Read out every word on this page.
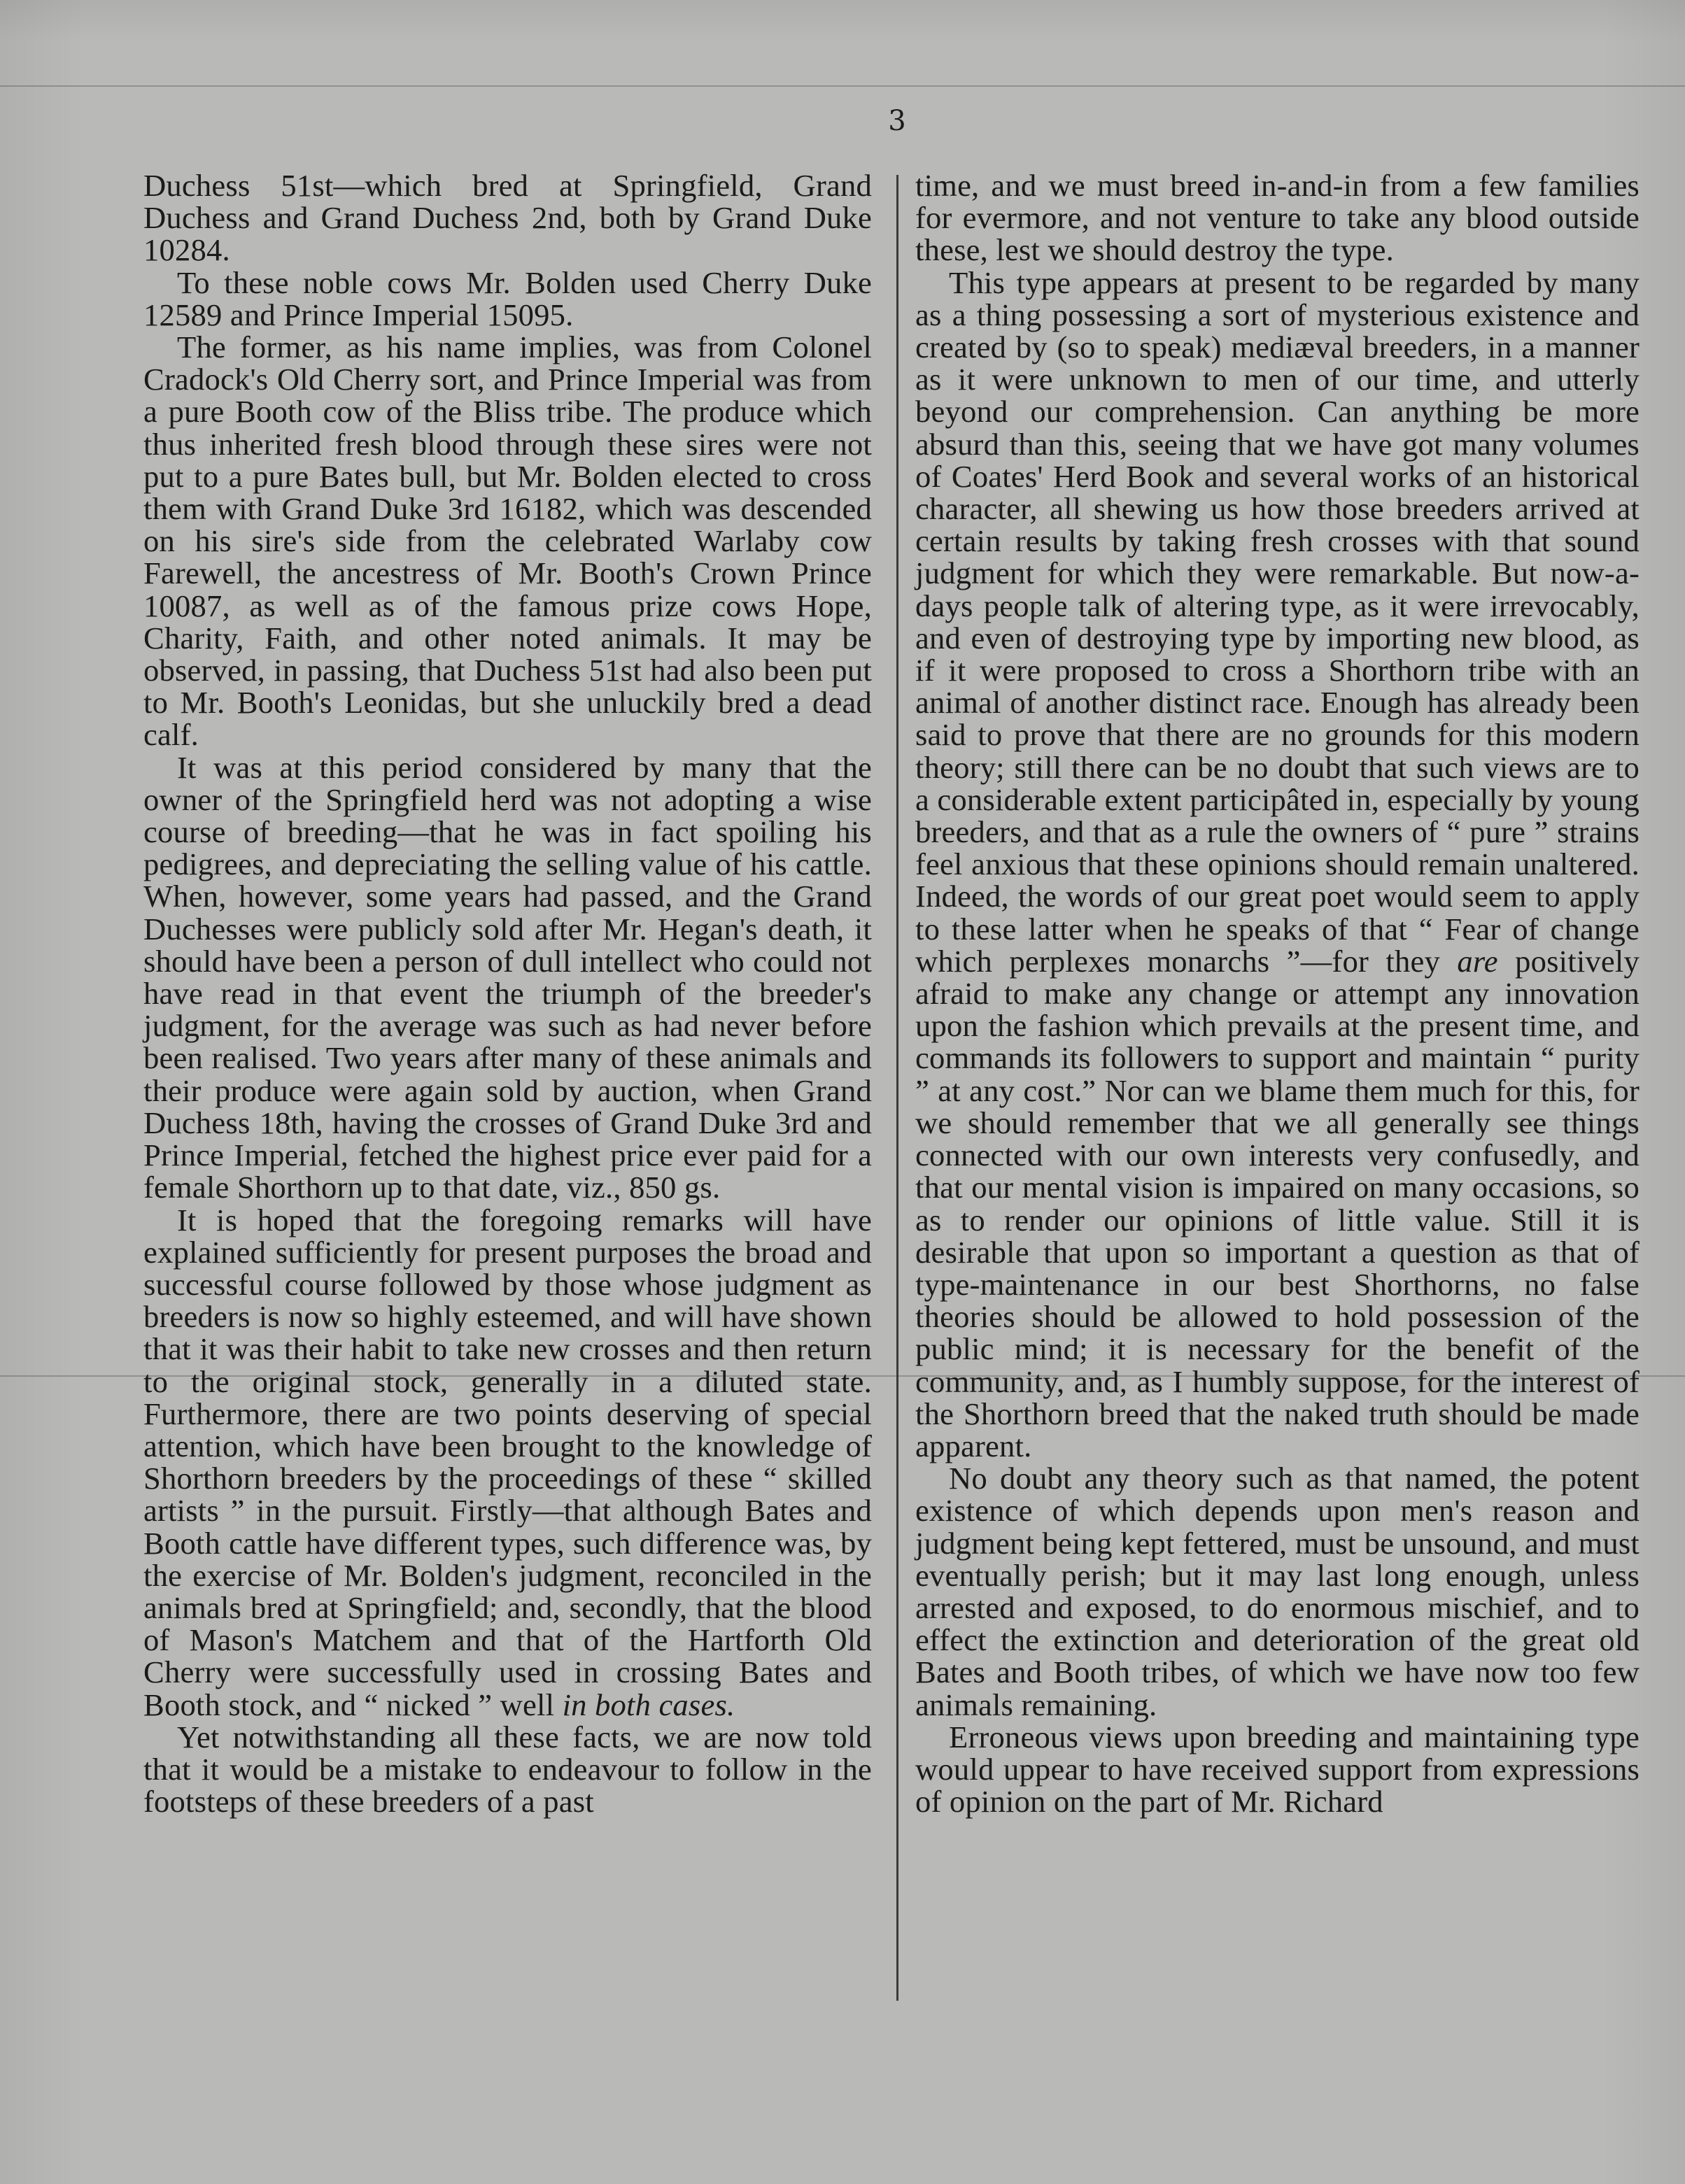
3

Duchess 51st—which bred at Springfield, Grand Duchess and Grand Duchess 2nd, both by Grand Duke 10284.

To these noble cows Mr. Bolden used Cherry Duke 12589 and Prince Imperial 15095.

The former, as his name implies, was from Colonel Cradock's Old Cherry sort, and Prince Imperial was from a pure Booth cow of the Bliss tribe. The produce which thus inherited fresh blood through these sires were not put to a pure Bates bull, but Mr. Bolden elected to cross them with Grand Duke 3rd 16182, which was descended on his sire's side from the celebrated Warlaby cow Farewell, the ancestress of Mr. Booth's Crown Prince 10087, as well as of the famous prize cows Hope, Charity, Faith, and other noted animals. It may be observed, in passing, that Duchess 51st had also been put to Mr. Booth's Leonidas, but she unluckily bred a dead calf.

It was at this period considered by many that the owner of the Springfield herd was not adopting a wise course of breeding—that he was in fact spoiling his pedigrees, and depreciating the selling value of his cattle. When, however, some years had passed, and the Grand Duchesses were publicly sold after Mr. Hegan's death, it should have been a person of dull intellect who could not have read in that event the triumph of the breeder's judgment, for the average was such as had never before been realised. Two years after many of these animals and their produce were again sold by auction, when Grand Duchess 18th, having the crosses of Grand Duke 3rd and Prince Imperial, fetched the highest price ever paid for a female Shorthorn up to that date, viz., 850 gs.

It is hoped that the foregoing remarks will have explained sufficiently for present purposes the broad and successful course followed by those whose judgment as breeders is now so highly esteemed, and will have shown that it was their habit to take new crosses and then return to the original stock, generally in a diluted state. Furthermore, there are two points deserving of special attention, which have been brought to the knowledge of Shorthorn breeders by the proceedings of these “ skilled artists ” in the pursuit. Firstly—that although Bates and Booth cattle have different types, such difference was, by the exercise of Mr. Bolden's judgment, reconciled in the animals bred at Springfield; and, secondly, that the blood of Mason's Matchem and that of the Hartforth Old Cherry were successfully used in crossing Bates and Booth stock, and “ nicked ” well in both cases.

Yet notwithstanding all these facts, we are now told that it would be a mistake to endeavour to follow in the footsteps of these breeders of a past

time, and we must breed in-and-in from a few families for evermore, and not venture to take any blood outside these, lest we should destroy the type.

This type appears at present to be regarded by many as a thing possessing a sort of mysterious existence and created by (so to speak) mediæval breeders, in a manner as it were unknown to men of our time, and utterly beyond our comprehension. Can anything be more absurd than this, seeing that we have got many volumes of Coates' Herd Book and several works of an historical character, all shewing us how those breeders arrived at certain results by taking fresh crosses with that sound judgment for which they were remarkable. But now-a-days people talk of altering type, as it were irrevocably, and even of destroying type by importing new blood, as if it were proposed to cross a Shorthorn tribe with an animal of another distinct race. Enough has already been said to prove that there are no grounds for this modern theory; still there can be no doubt that such views are to a considerable extent participâted in, especially by young breeders, and that as a rule the owners of “ pure ” strains feel anxious that these opinions should remain unaltered. Indeed, the words of our great poet would seem to apply to these latter when he speaks of that “ Fear of change which perplexes monarchs ”—for they are positively afraid to make any change or attempt any innovation upon the fashion which prevails at the present time, and commands its followers to support and maintain “ purity ” at any cost.” Nor can we blame them much for this, for we should remember that we all generally see things connected with our own interests very confusedly, and that our mental vision is impaired on many occasions, so as to render our opinions of little value. Still it is desirable that upon so important a question as that of type-maintenance in our best Shorthorns, no false theories should be allowed to hold possession of the public mind; it is necessary for the benefit of the community, and, as I humbly suppose, for the interest of the Shorthorn breed that the naked truth should be made apparent.

No doubt any theory such as that named, the potent existence of which depends upon men's reason and judgment being kept fettered, must be unsound, and must eventually perish; but it may last long enough, unless arrested and exposed, to do enormous mischief, and to effect the extinction and deterioration of the great old Bates and Booth tribes, of which we have now too few animals remaining.

Erroneous views upon breeding and maintaining type would uppear to have received support from expressions of opinion on the part of Mr. Richard
